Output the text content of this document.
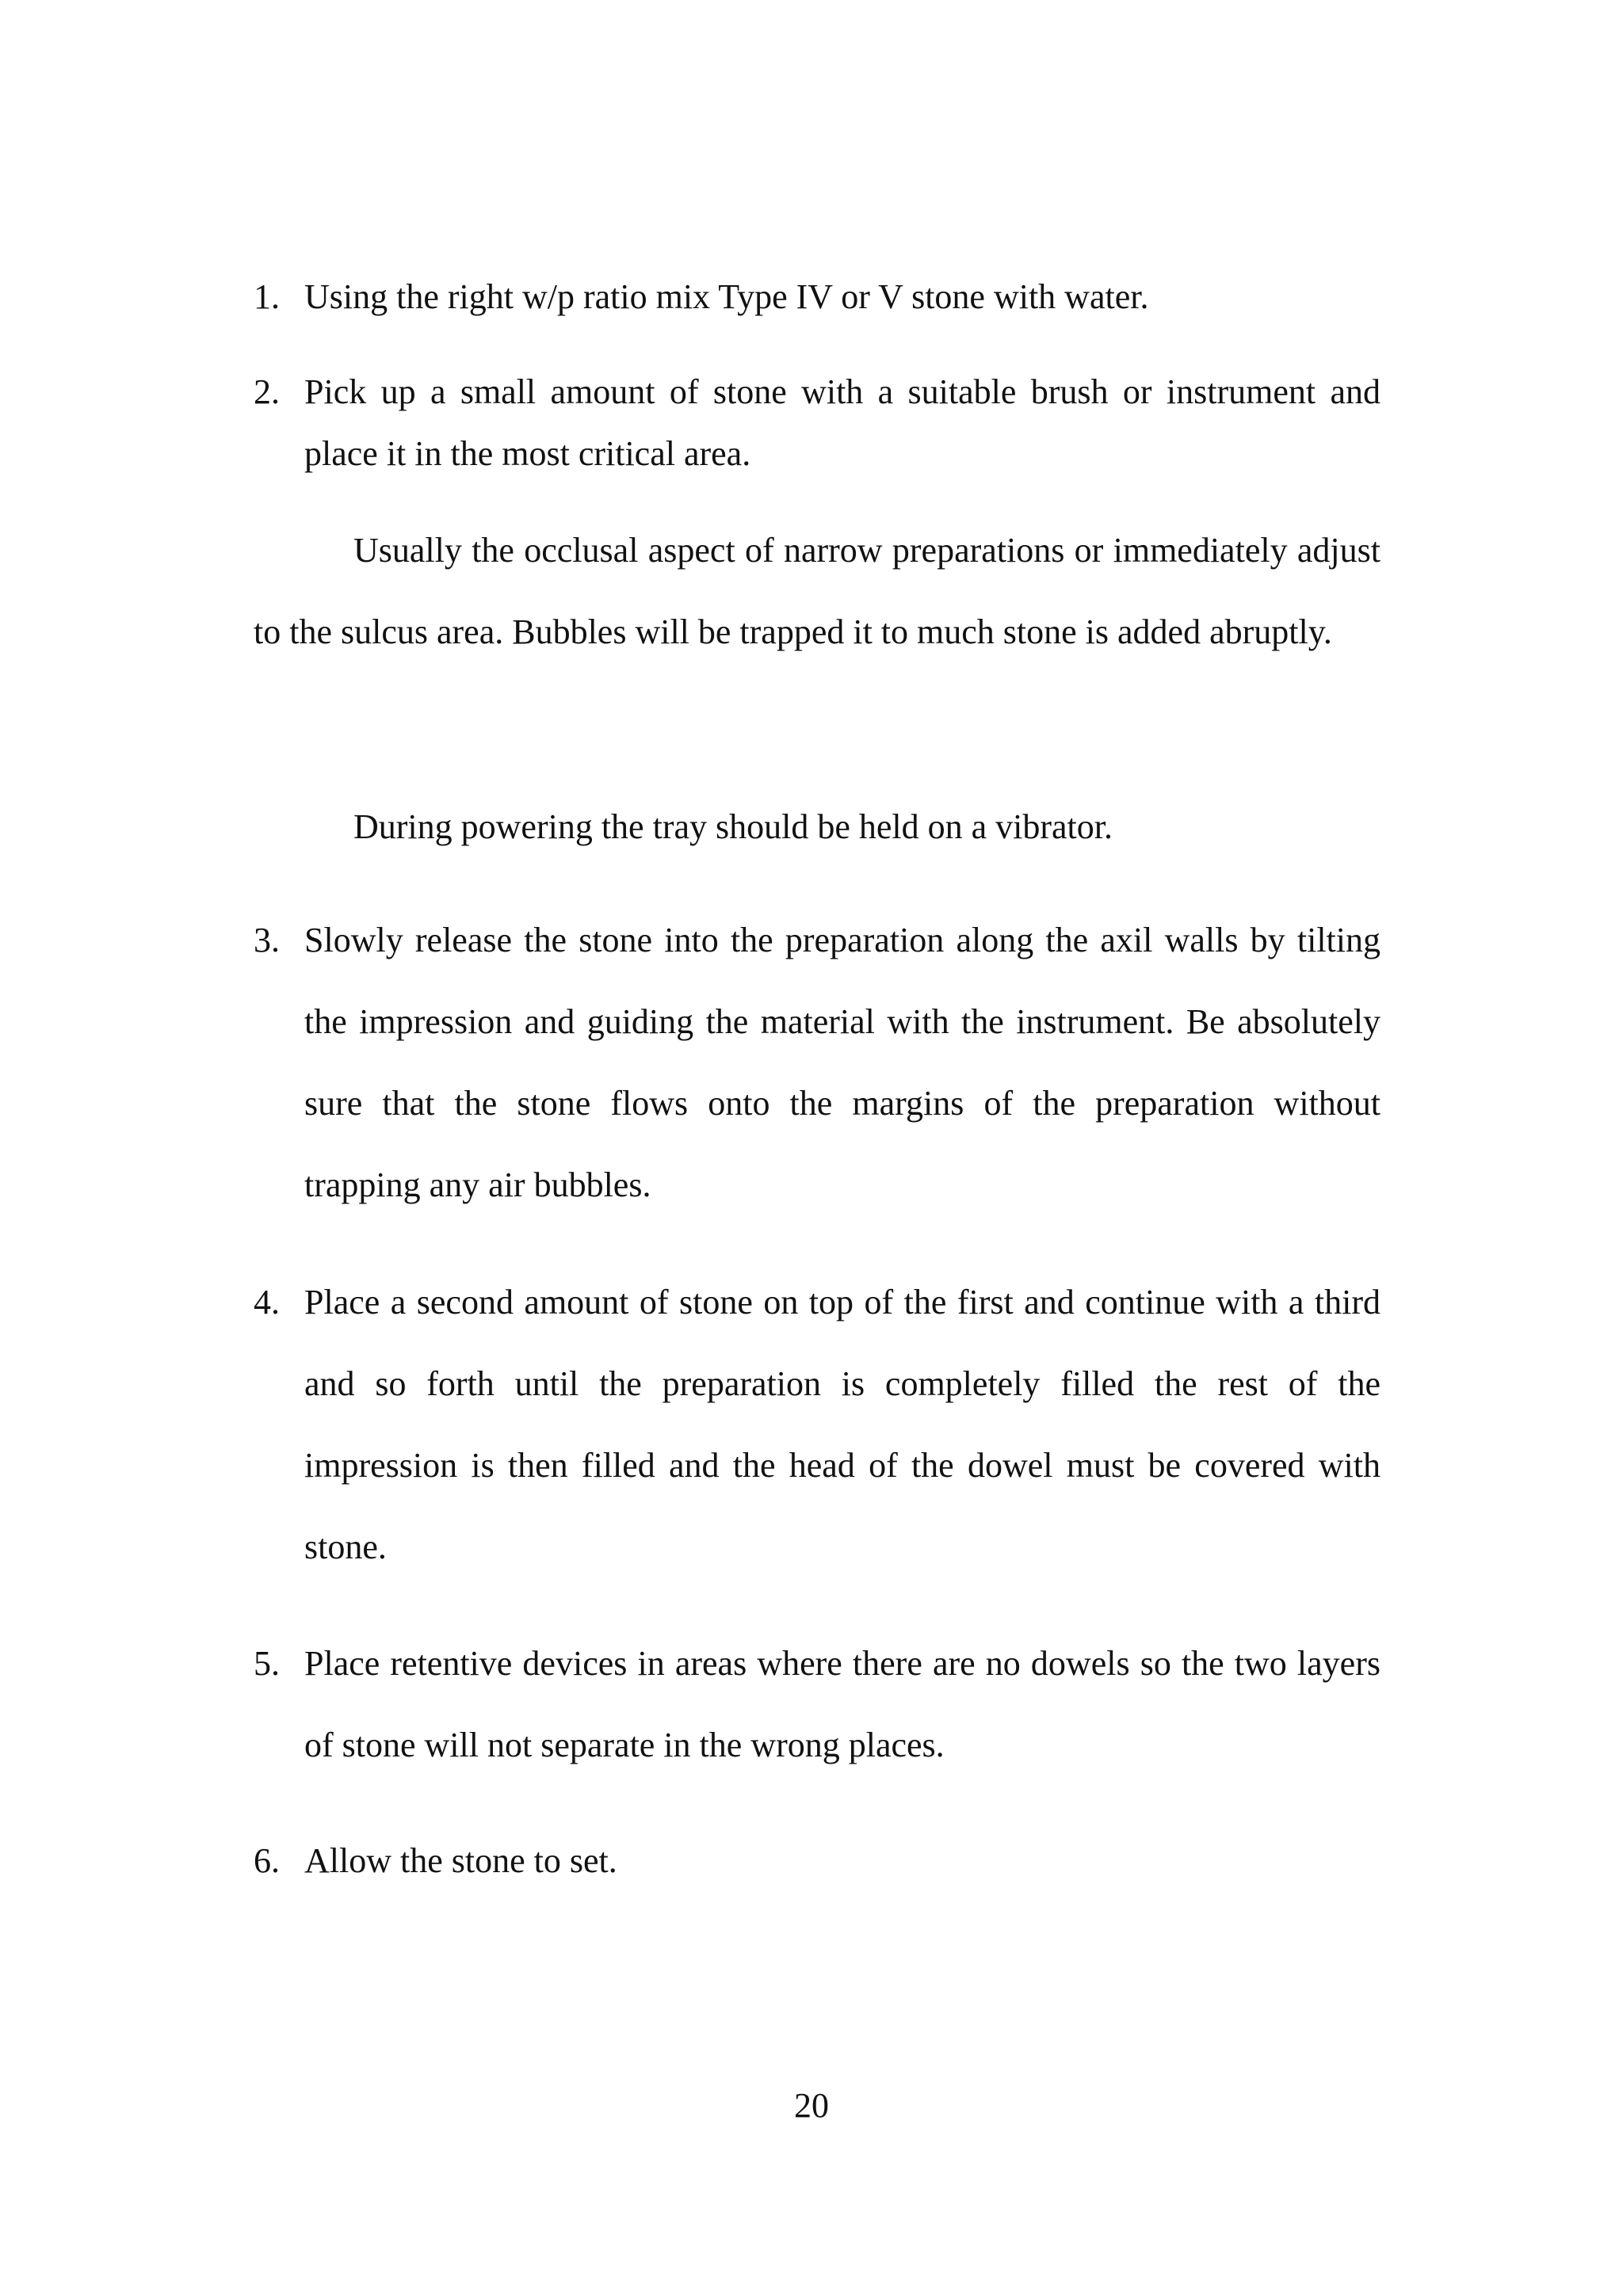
1. Using the right w/p ratio mix Type IV or V stone with water.
2. Pick up a small amount of stone with a suitable brush or instrument and place it in the most critical area.

Usually the occlusal aspect of narrow preparations or immediately adjust to the sulcus area. Bubbles will be trapped it to much stone is added abruptly.

During powering the tray should be held on a vibrator.

3. Slowly release the stone into the preparation along the axil walls by tilting the impression and guiding the material with the instrument. Be absolutely sure that the stone flows onto the margins of the preparation without trapping any air bubbles.
4. Place a second amount of stone on top of the first and continue with a third and so forth until the preparation is completely filled the rest of the impression is then filled and the head of the dowel must be covered with stone.
5. Place retentive devices in areas where there are no dowels so the two layers of stone will not separate in the wrong places.
6. Allow the stone to set.
20
